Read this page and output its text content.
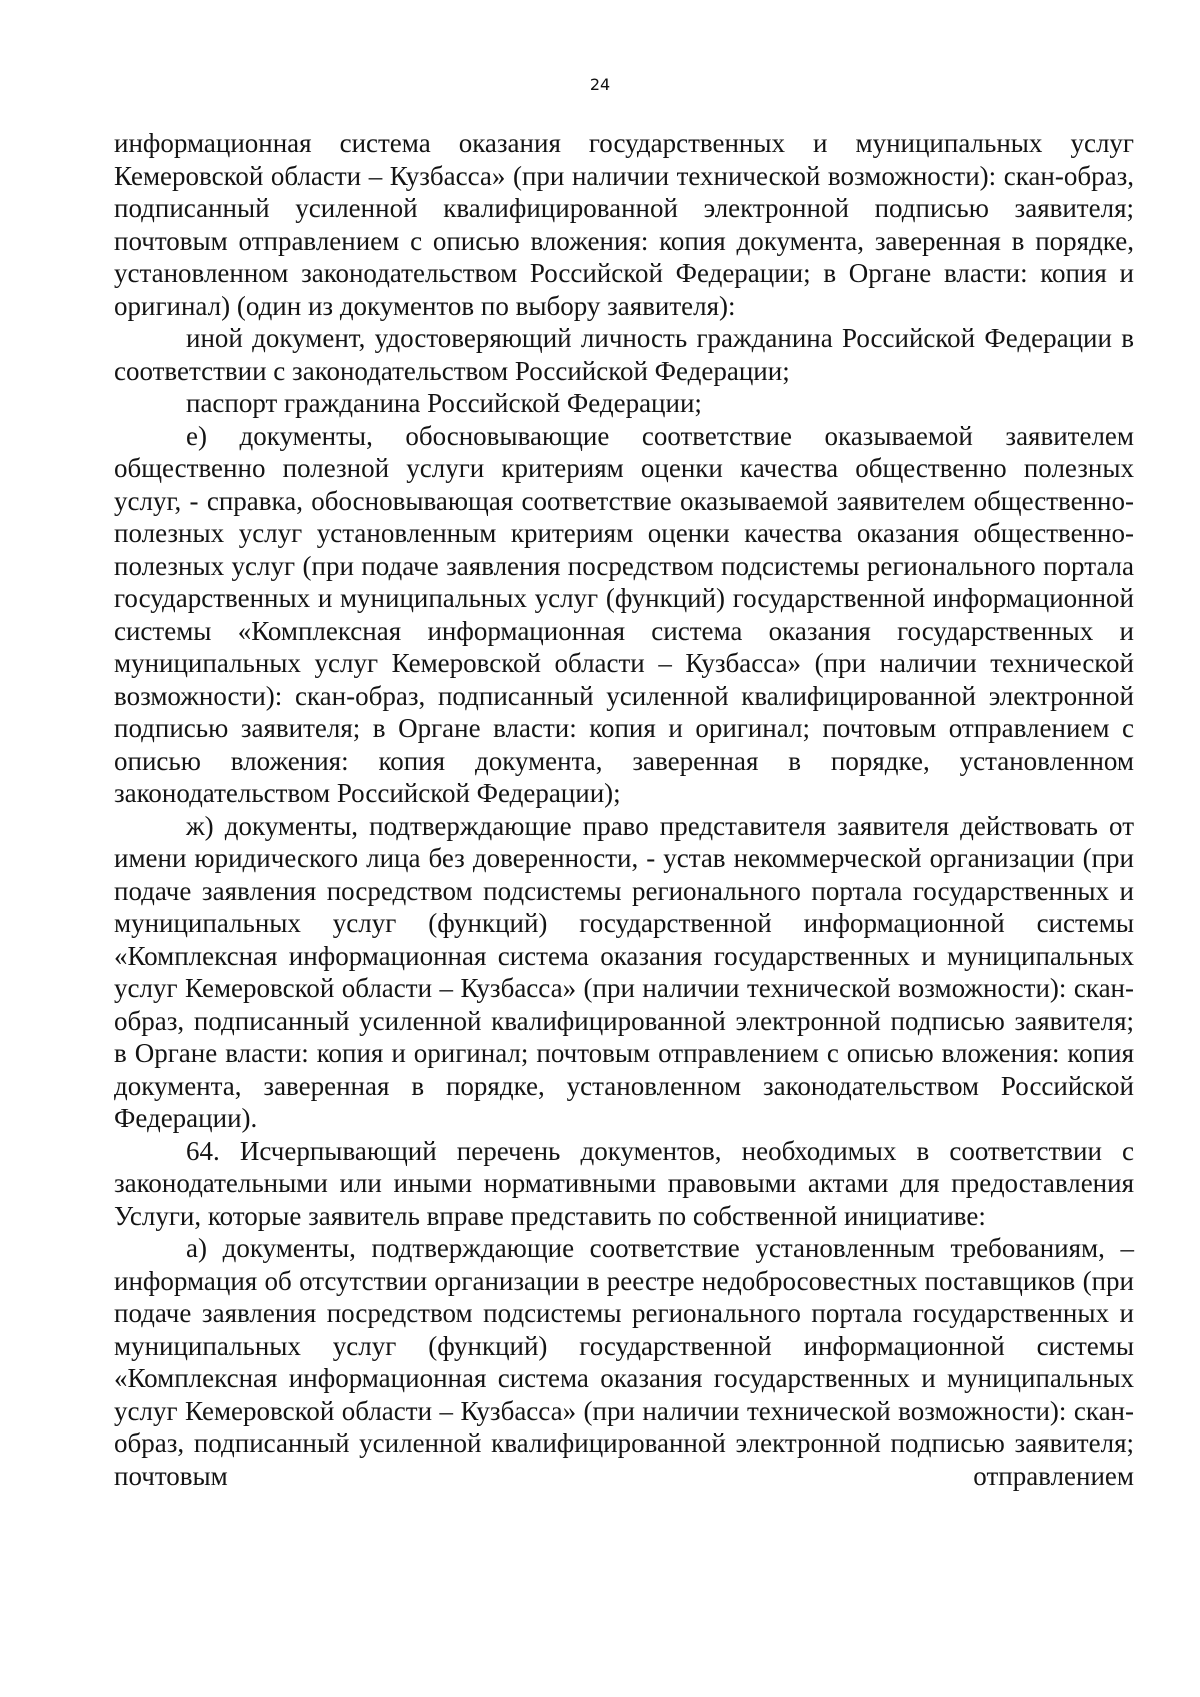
24

информационная система оказания государственных и муниципальных услуг Кемеровской области – Кузбасса» (при наличии технической возможности): скан-образ, подписанный усиленной квалифицированной электронной подписью заявителя; почтовым отправлением с описью вложения: копия документа, заверенная в порядке, установленном законодательством Российской Федерации; в Органе власти: копия и оригинал) (один из документов по выбору заявителя):

иной документ, удостоверяющий личность гражданина Российской Федерации в соответствии с законодательством Российской Федерации;

паспорт гражданина Российской Федерации;

е) документы, обосновывающие соответствие оказываемой заявителем общественно полезной услуги критериям оценки качества общественно полезных услуг, - справка, обосновывающая соответствие оказываемой заявителем общественно-полезных услуг установленным критериям оценки качества оказания общественно-полезных услуг (при подаче заявления посредством подсистемы регионального портала государственных и муниципальных услуг (функций) государственной информационной системы «Комплексная информационная система оказания государственных и муниципальных услуг Кемеровской области – Кузбасса» (при наличии технической возможности): скан-образ, подписанный усиленной квалифицированной электронной подписью заявителя; в Органе власти: копия и оригинал; почтовым отправлением с описью вложения: копия документа, заверенная в порядке, установленном законодательством Российской Федерации);

ж) документы, подтверждающие право представителя заявителя действовать от имени юридического лица без доверенности, - устав некоммерческой организации (при подаче заявления посредством подсистемы регионального портала государственных и муниципальных услуг (функций) государственной информационной системы «Комплексная информационная система оказания государственных и муниципальных услуг Кемеровской области – Кузбасса» (при наличии технической возможности): скан-образ, подписанный усиленной квалифицированной электронной подписью заявителя; в Органе власти: копия и оригинал; почтовым отправлением с описью вложения: копия документа, заверенная в порядке, установленном законодательством Российской Федерации).

64. Исчерпывающий перечень документов, необходимых в соответствии с законодательными или иными нормативными правовыми актами для предоставления Услуги, которые заявитель вправе представить по собственной инициативе:

а) документы, подтверждающие соответствие установленным требованиям, – информация об отсутствии организации в реестре недобросовестных поставщиков (при подаче заявления посредством подсистемы регионального портала государственных и муниципальных услуг (функций) государственной информационной системы «Комплексная информационная система оказания государственных и муниципальных услуг Кемеровской области – Кузбасса» (при наличии технической возможности): скан-образ, подписанный усиленной квалифицированной электронной подписью заявителя; почтовым отправлением
